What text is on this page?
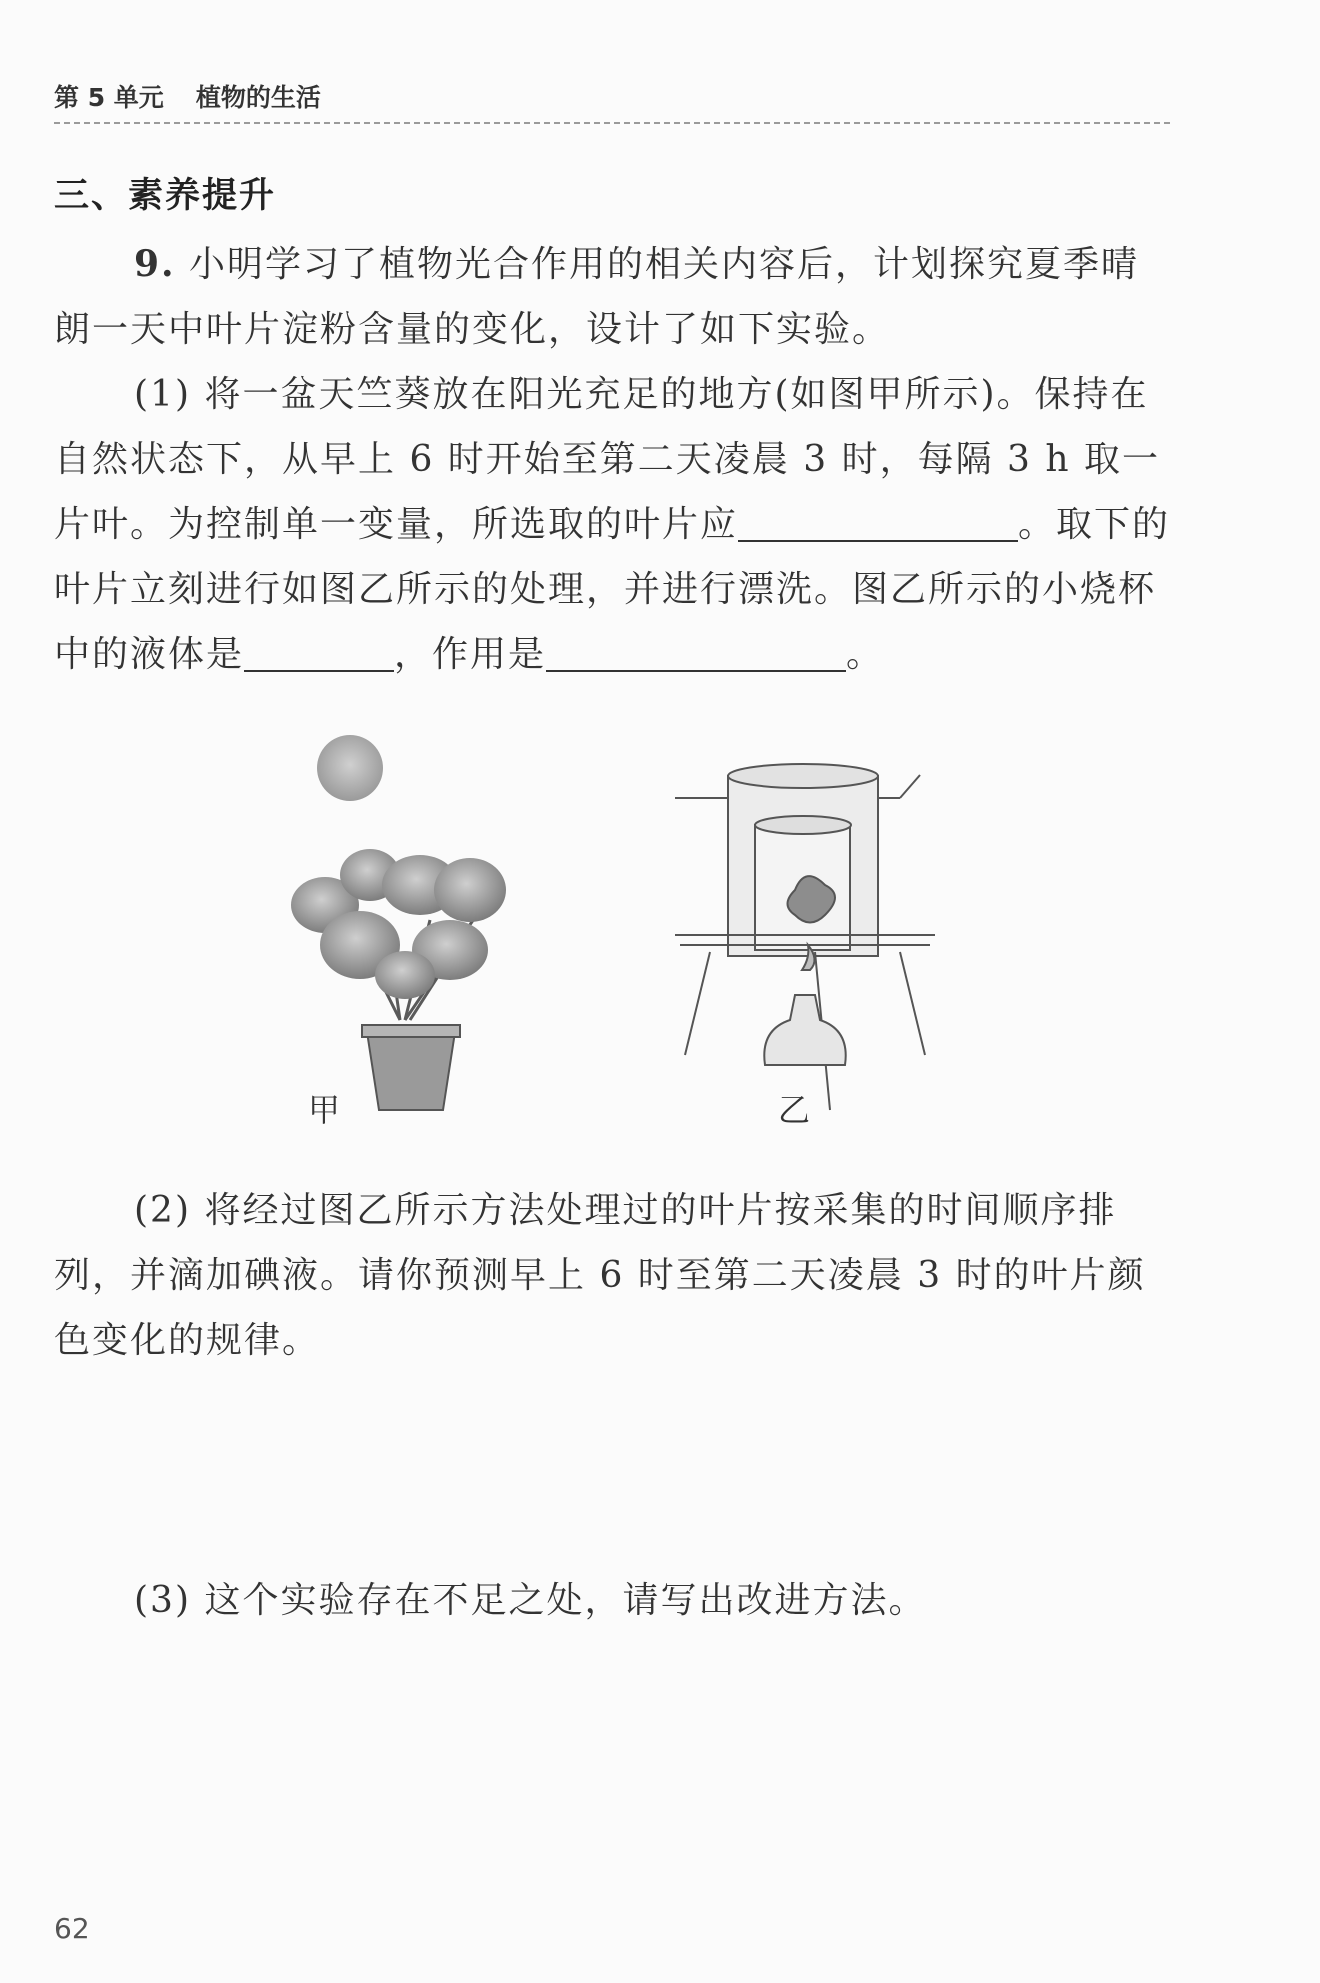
第 5 单元 植物的生活
三、素养提升
9. 小明学习了植物光合作用的相关内容后，计划探究夏季晴朗一天中叶片淀粉含量的变化，设计了如下实验。
(1) 将一盆天竺葵放在阳光充足的地方(如图甲所示)。保持在自然状态下，从早上 6 时开始至第二天凌晨 3 时，每隔 3 h 取一片叶。为控制单一变量，所选取的叶片应	。取下的叶片立刻进行如图乙所示的处理，并进行漂洗。图乙所示的小烧杯中的液体是	，作用是	。
甲	乙
(2) 将经过图乙所示方法处理过的叶片按采集的时间顺序排列，并滴加碘液。请你预测早上 6 时至第二天凌晨 3 时的叶片颜色变化的规律。
(3) 这个实验存在不足之处，请写出改进方法。
62
